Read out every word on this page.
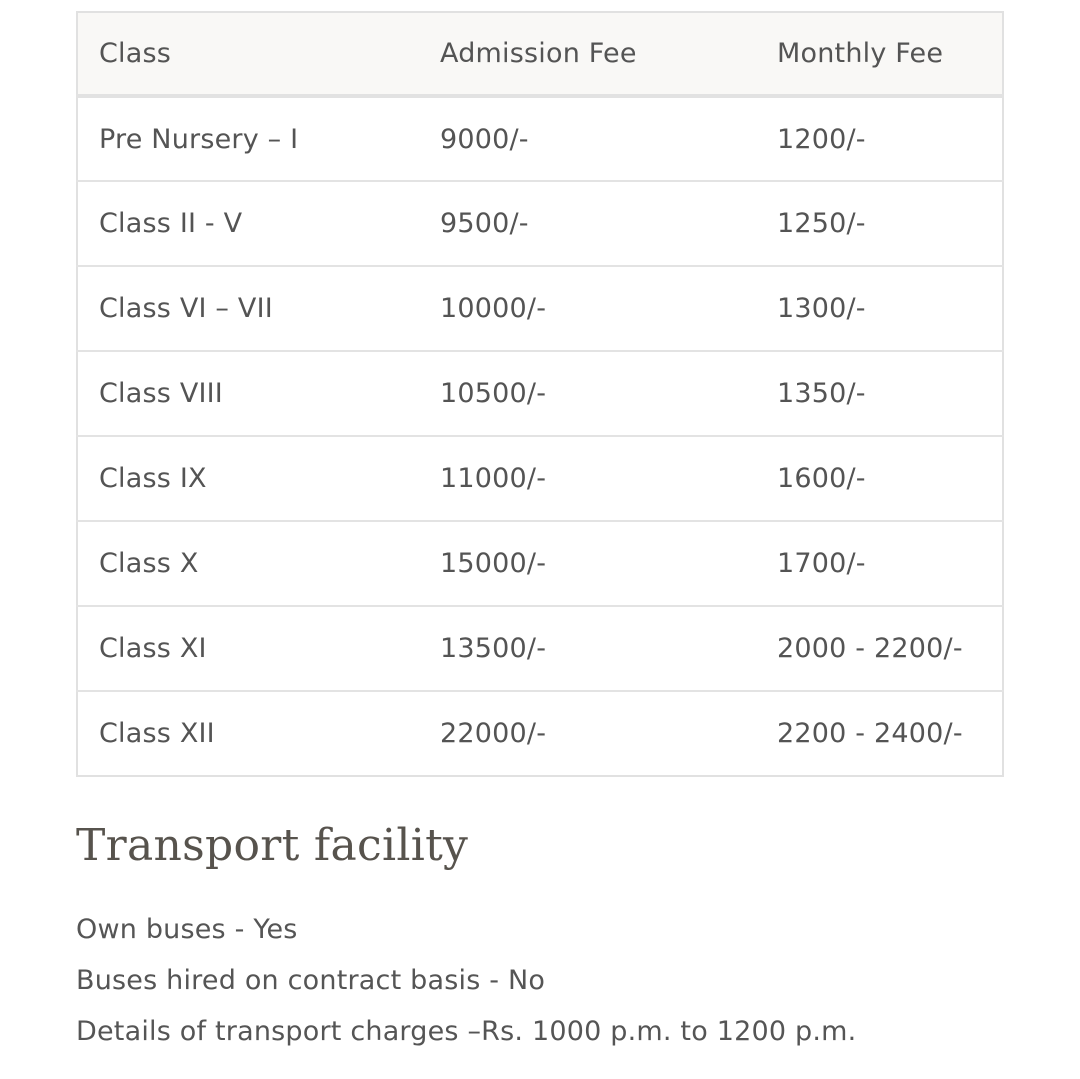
Class	Admission Fee	Monthly Fee
Pre Nursery – I	9000/-	1200/-
Class II - V	9500/-	1250/-
Class VI – VII	10000/-	1300/-
Class VIII	10500/-	1350/-
Class IX	11000/-	1600/-
Class X	15000/-	1700/-
Class XI	13500/-	2000 - 2200/-
Class XII	22000/-	2200 - 2400/-
Transport facility
Own buses - Yes
Buses hired on contract basis - No
Details of transport charges –Rs. 1000 p.m. to 1200 p.m.
